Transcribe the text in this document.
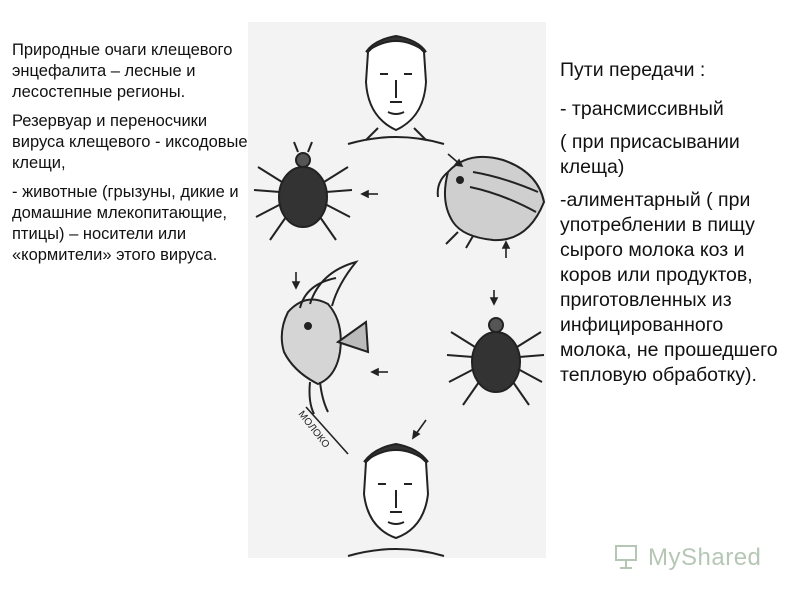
Природные очаги клещевого энцефалита – лесные и лесостепные регионы.

Резервуар и переносчики вируса клещевого - иксодовые клещи,

- животные (грызуны, дикие и домашние млекопитающие, птицы) – носители или «кормители» этого вируса.

МОЛОКО

Пути передачи :

- трансмиссивный

( при присасывании клеща)

-алиментарный ( при употреблении в пищу сырого молока коз и коров или продуктов, приготовленных из инфицированного молока, не прошедшего тепловую обработку).

MyShared
